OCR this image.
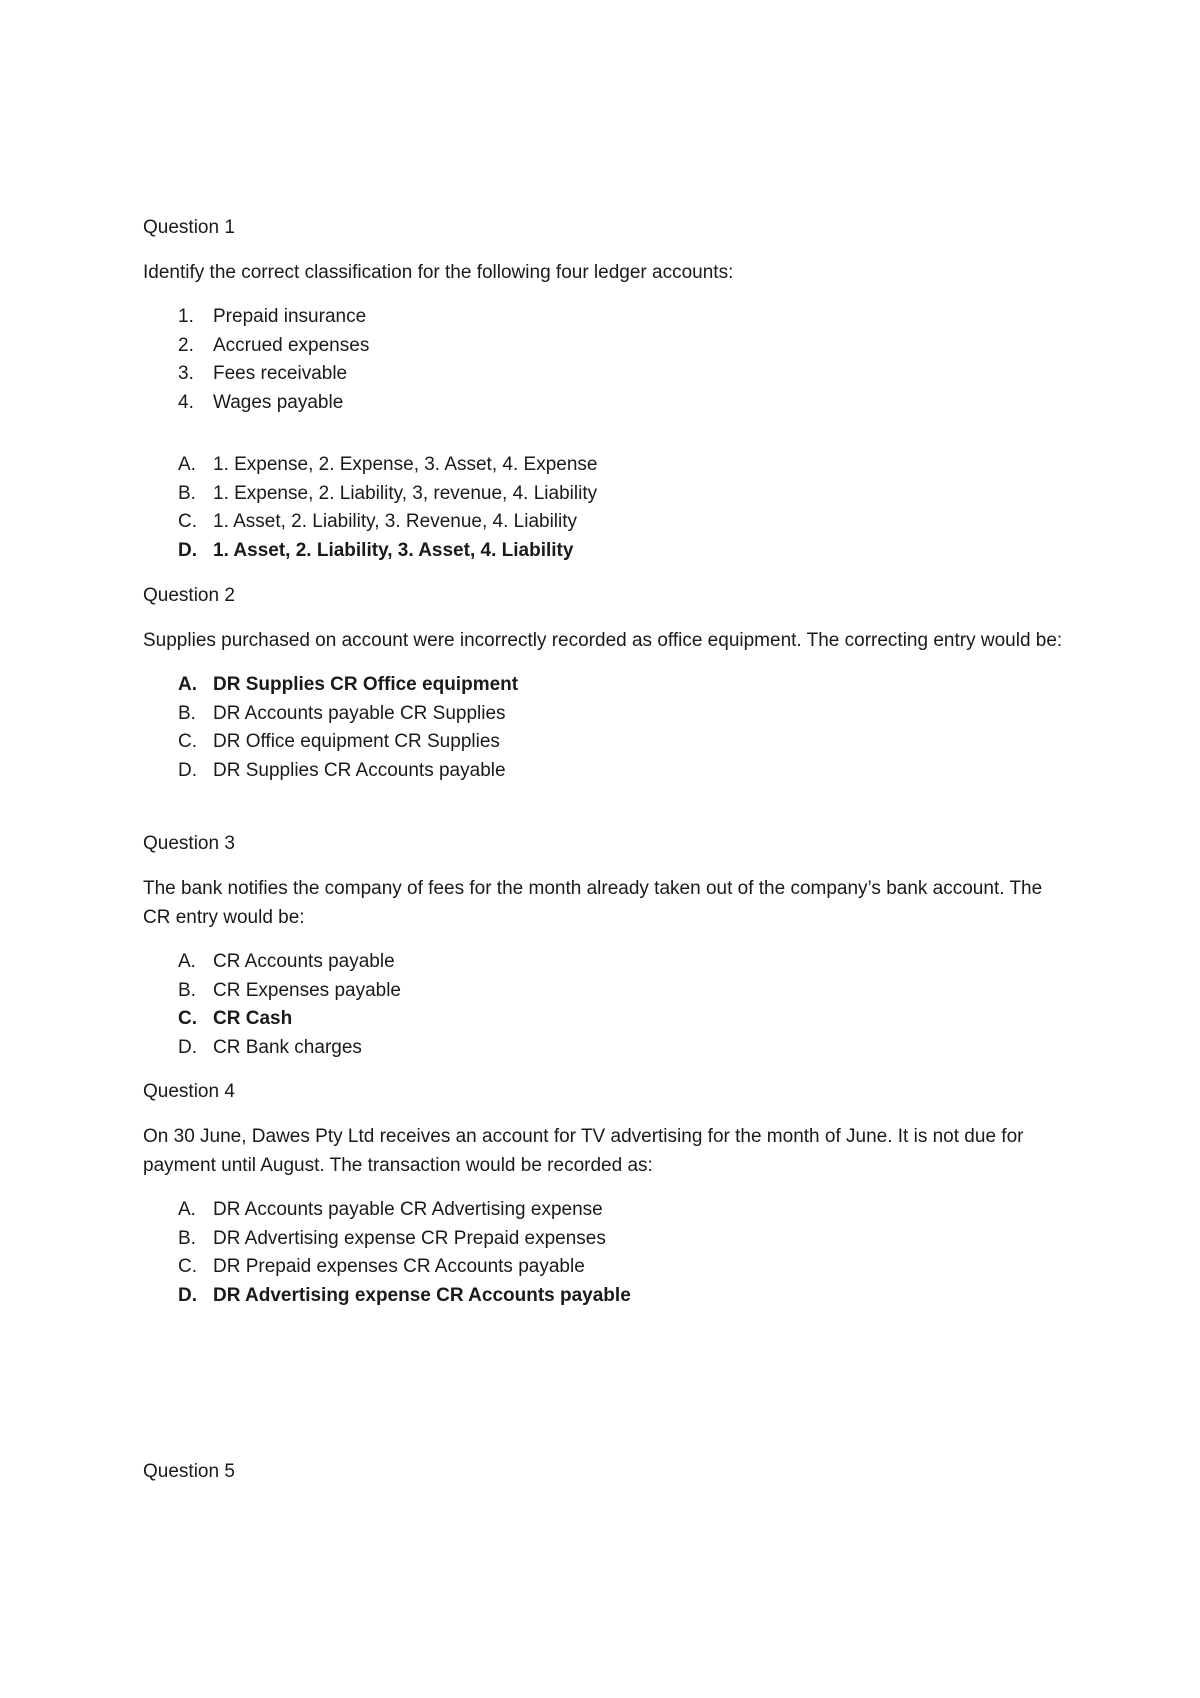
Question 1

Identify the correct classification for the following four ledger accounts:

1. Prepaid insurance
2. Accrued expenses
3. Fees receivable
4. Wages payable
A. 1. Expense, 2. Expense, 3. Asset, 4. Expense
B. 1. Expense, 2. Liability, 3, revenue, 4. Liability
C. 1. Asset, 2. Liability, 3. Revenue, 4. Liability
D. 1. Asset, 2. Liability, 3. Asset, 4. Liability

Question 2

Supplies purchased on account were incorrectly recorded as office equipment. The correcting entry would be:

A. DR Supplies CR Office equipment
B. DR Accounts payable CR Supplies
C. DR Office equipment CR Supplies
D. DR Supplies CR Accounts payable

Question 3

The bank notifies the company of fees for the month already taken out of the company’s bank account. The CR entry would be:

A. CR Accounts payable
B. CR Expenses payable
C. CR Cash
D. CR Bank charges

Question 4

On 30 June, Dawes Pty Ltd receives an account for TV advertising for the month of June. It is not due for payment until August. The transaction would be recorded as:

A. DR Accounts payable CR Advertising expense
B. DR Advertising expense CR Prepaid expenses
C. DR Prepaid expenses CR Accounts payable
D. DR Advertising expense CR Accounts payable

Question 5
